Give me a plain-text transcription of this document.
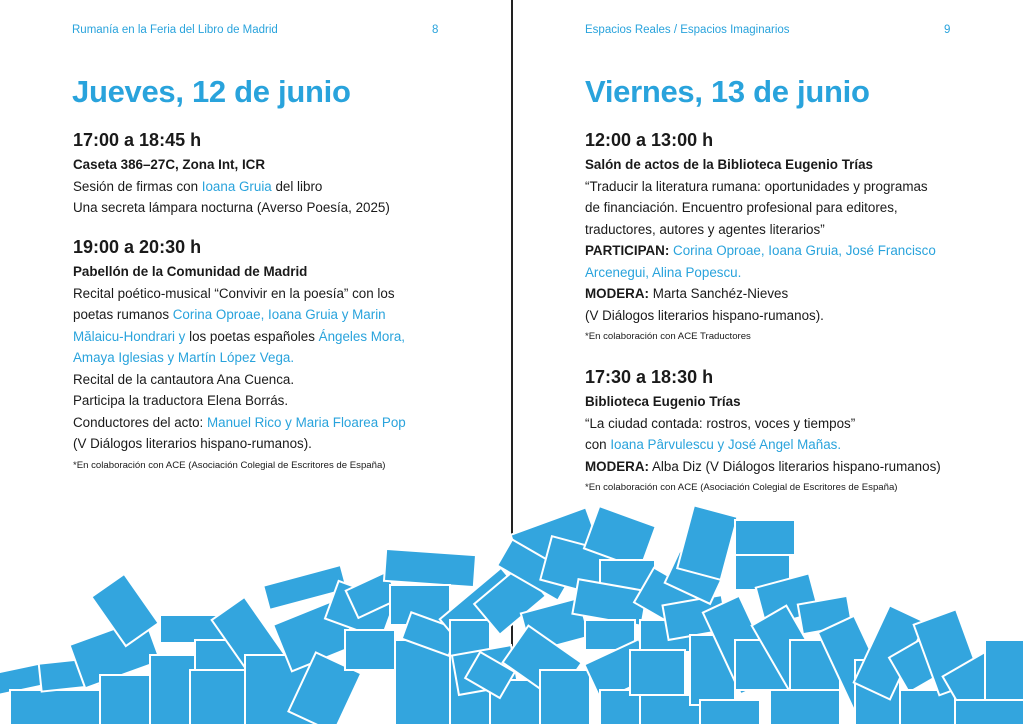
Rumanía en la Feria del Libro de Madrid	8
Jueves, 12 de junio

17:00 a 18:45 h

Caseta 386–27C, Zona Int, ICR

Sesión de firmas con Ioana Gruia del libro

Una secreta lámpara nocturna (Averso Poesía, 2025)

19:00 a 20:30 h

Pabellón de la Comunidad de Madrid

Recital poético-musical “Convivir en la poesía” con los

poetas rumanos Corina Oproae, Ioana Gruia y Marin

Mălaicu-Hondrari y los poetas españoles Ángeles Mora,

Amaya Iglesias y Martín López Vega.

Recital de la cantautora Ana Cuenca.

Participa la traductora Elena Borrás.

Conductores del acto: Manuel Rico y Maria Floarea Pop

(V Diálogos literarios hispano-rumanos).

*En colaboración con ACE (Asociación Colegial de Escritores de España)

Espacios Reales / Espacios Imaginarios	9
Viernes, 13 de junio

12:00 a 13:00 h

Salón de actos de la Biblioteca Eugenio Trías

“Traducir la literatura rumana: oportunidades y programas

de financiación. Encuentro profesional para editores,

traductores, autores y agentes literarios”

PARTICIPAN: Corina Oproae, Ioana Gruia, José Francisco

Arcenegui, Alina Popescu.

MODERA: Marta Sanchéz-Nieves

(V Diálogos literarios hispano-rumanos).

*En colaboración con ACE Traductores

17:30 a 18:30 h

Biblioteca Eugenio Trías

“La ciudad contada: rostros, voces y tiempos”

con Ioana Pârvulescu y José Angel Mañas.

MODERA: Alba Diz (V Diálogos literarios hispano-rumanos)

*En colaboración con ACE (Asociación Colegial de Escritores de España)
